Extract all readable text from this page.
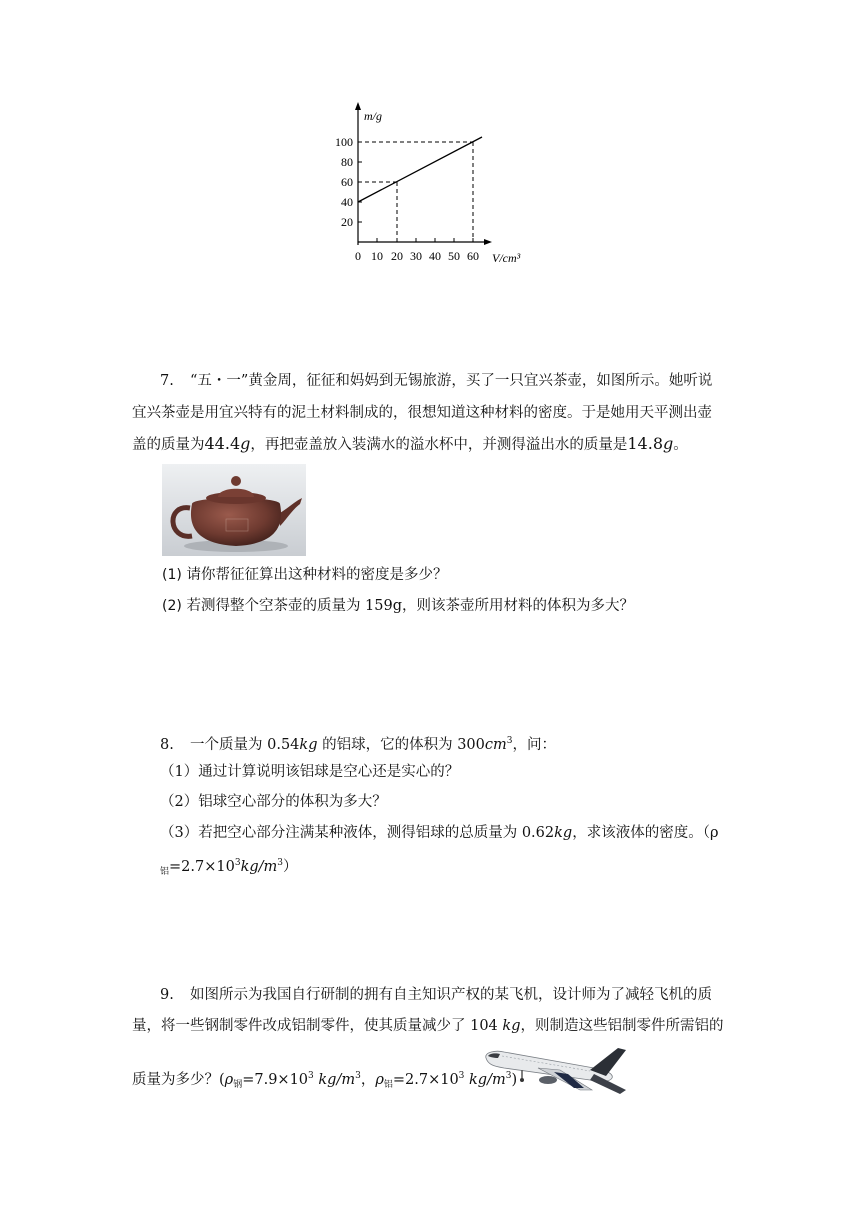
m/g
100
80
60
40
20
0 10 20 30 40 50 60 V/cm³
7. “五・一”黄金周，征征和妈妈到无锡旅游，买了一只宜兴茶壶，如图所示。她听说
宜兴茶壶是用宜兴特有的泥土材料制成的，很想知道这种材料的密度。于是她用天平测出壶
盖的质量为44.4g，再把壶盖放入装满水的溢水杯中，并测得溢出水的质量是14.8g。
(1) 请你帮征征算出这种材料的密度是多少？
(2) 若测得整个空茶壶的质量为 159g，则该茶壶所用材料的体积为多大？
8. 一个质量为 0.54kg 的铝球，它的体积为 $300cm^3$，问：
（1）通过计算说明该铝球是空心还是实心的？
（2）铝球空心部分的体积为多大？
（3）若把空心部分注满某种液体，测得铝球的总质量为 0.62kg，求该液体的密度。（ρ
$_铝=2.7\times 10^3kg/m^3$）
9. 如图所示为我国自行研制的拥有自主知识产权的某飞机，设计师为了减轻飞机的质
量，将一些钢制零件改成铝制零件，使其质量减少了 104 kg，则制造这些铝制零件所需铝的
质量为多少？($\rho_钢=7.9\times 10^3$ $kg/m^3$，$\rho_铝=2.7\times 10^3$ $kg/m^3$)
